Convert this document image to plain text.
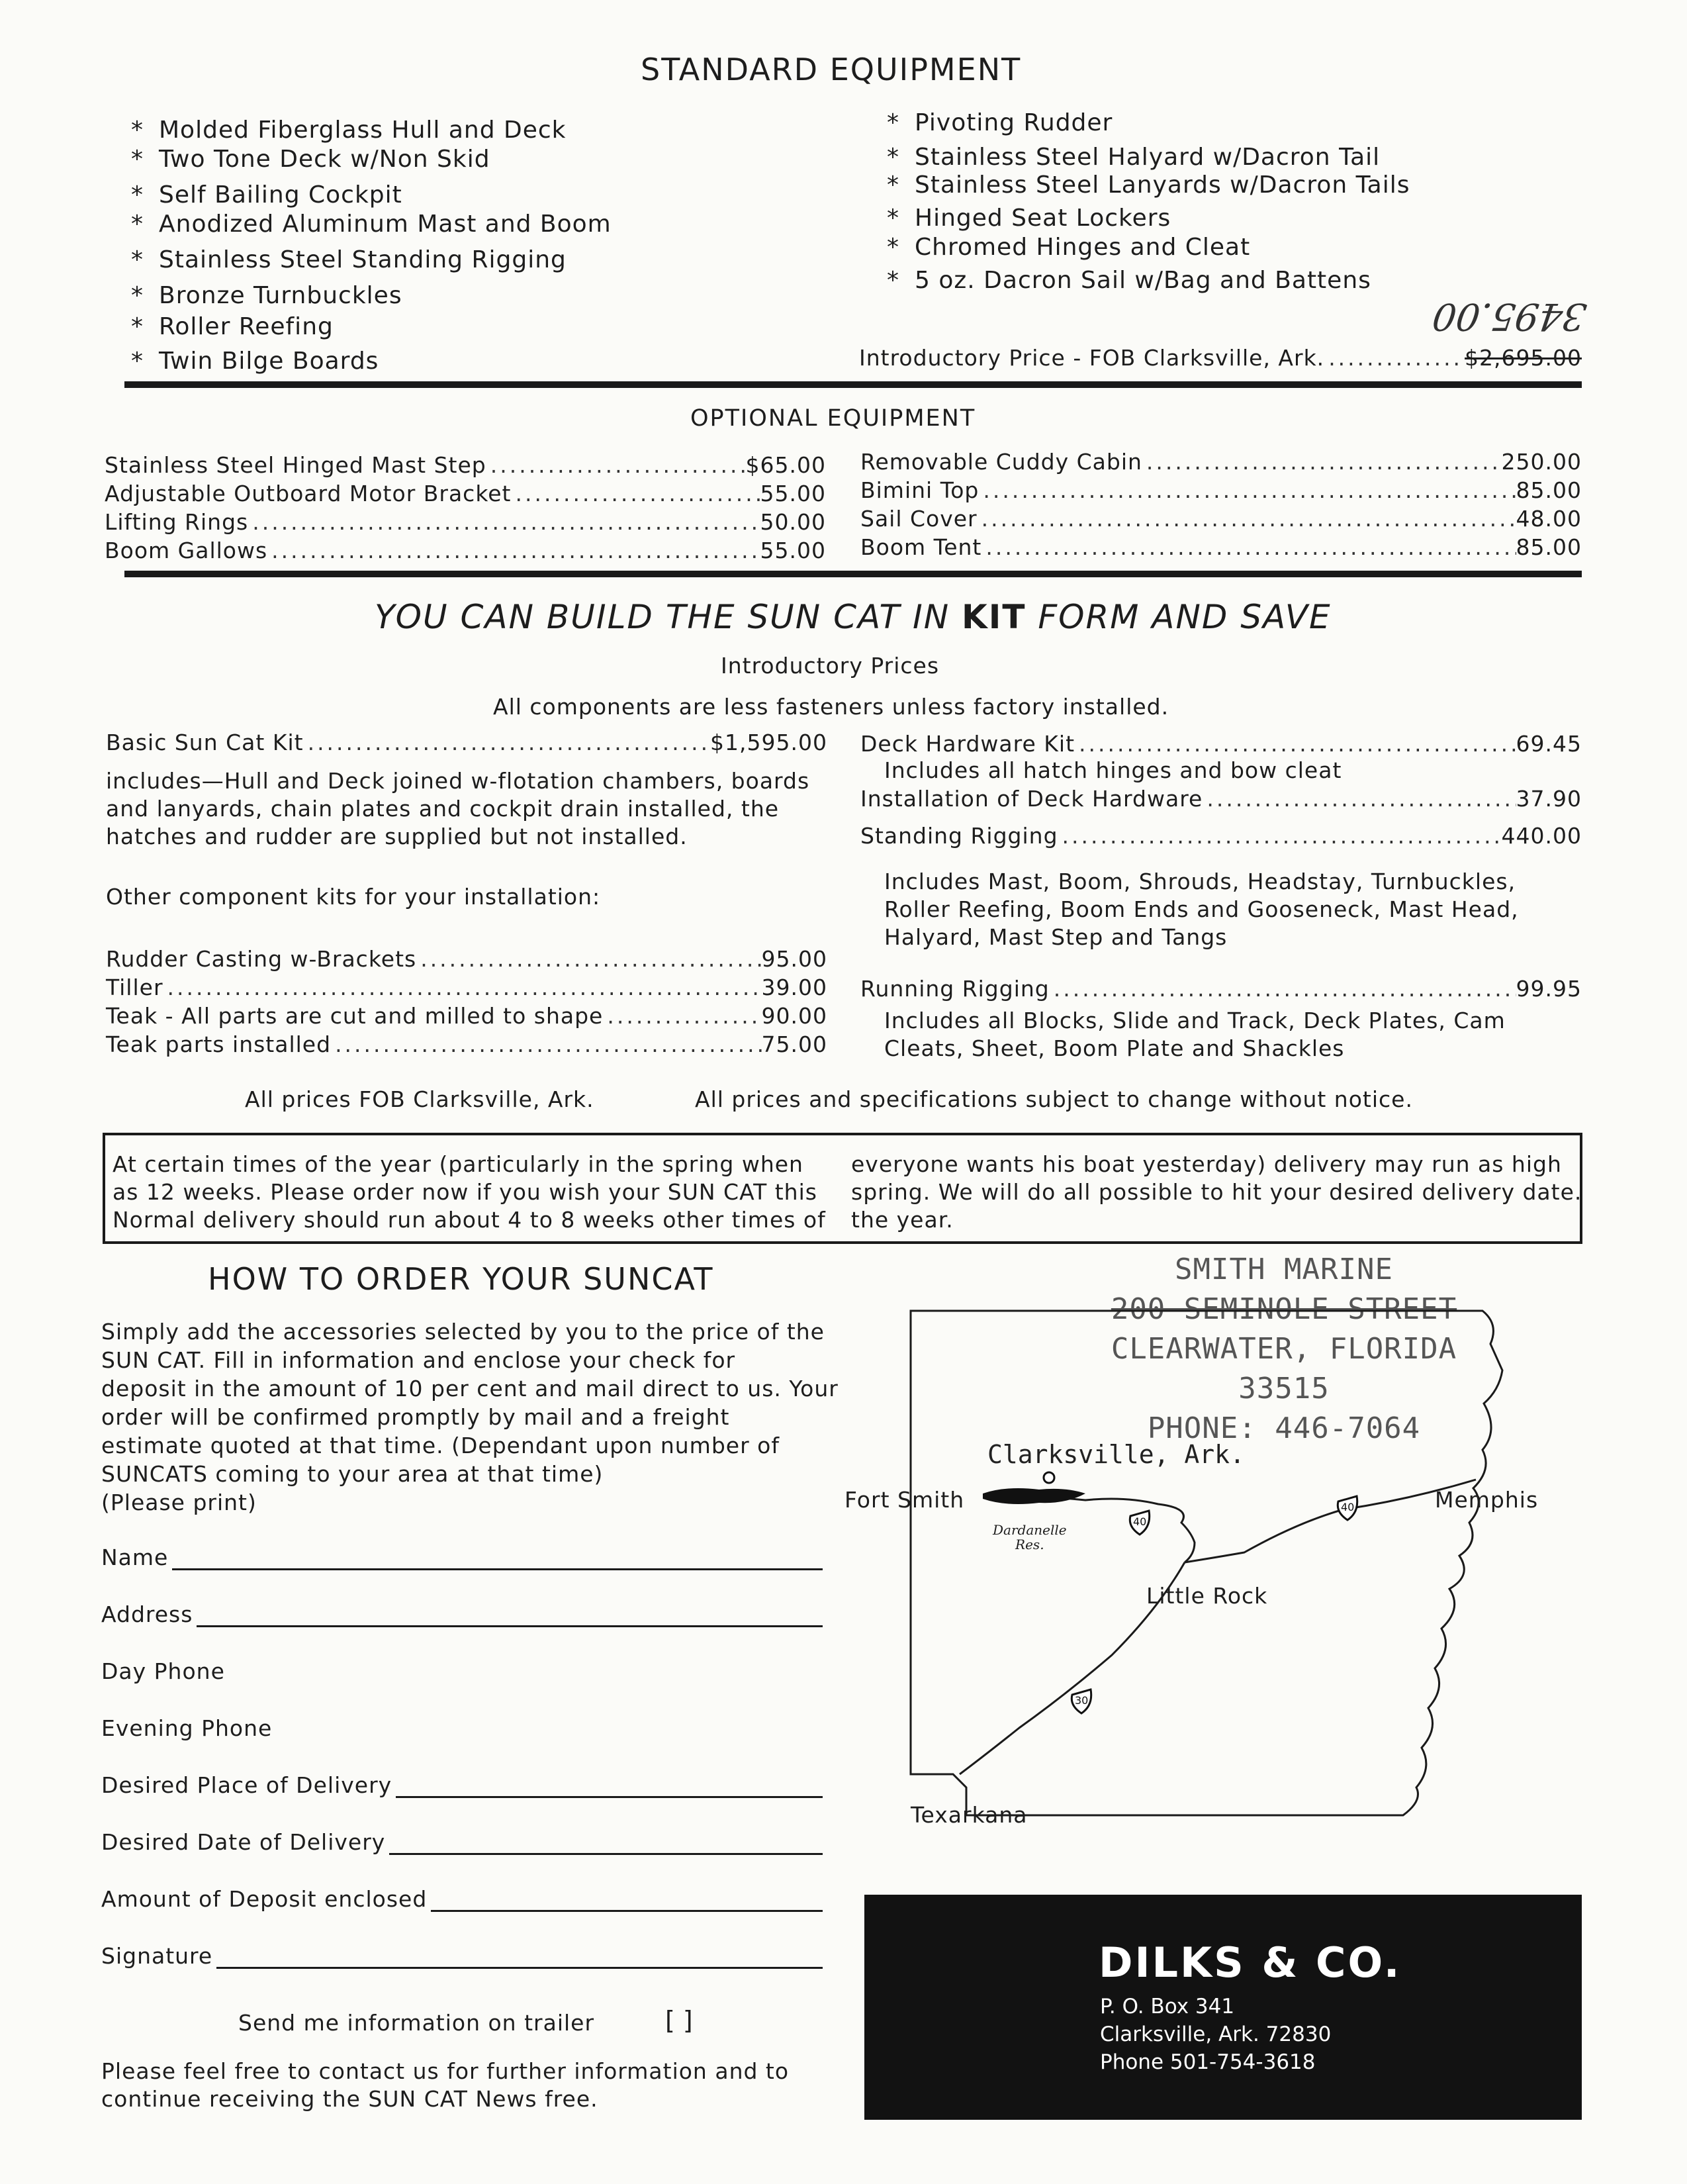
STANDARD EQUIPMENT
* Molded Fiberglass Hull and Deck
* Two Tone Deck w/Non Skid
* Self Bailing Cockpit
* Anodized Aluminum Mast and Boom
* Stainless Steel Standing Rigging
* Bronze Turnbuckles
* Roller Reefing
* Twin Bilge Boards
* Pivoting Rudder
* Stainless Steel Halyard w/Dacron Tail
* Stainless Steel Lanyards w/Dacron Tails
* Hinged Seat Lockers
* Chromed Hinges and Cleat
* 5 oz. Dacron Sail w/Bag and Battens
Introductory Price - FOB Clarksville, Ark. .....	$2,695.00
3495.00
OPTIONAL EQUIPMENT
Stainless Steel Hinged Mast Step .....	$65.00
Adjustable Outboard Motor Bracket .....	55.00
Lifting Rings .....	50.00
Boom Gallows .....	55.00
Removable Cuddy Cabin .....	250.00
Bimini Top .....	85.00
Sail Cover .....	48.00
Boom Tent .....	85.00
YOU CAN BUILD THE SUN CAT IN KIT FORM AND SAVE
Introductory Prices
All components are less fasteners unless factory installed.
Basic Sun Cat Kit .....	$1,595.00
includes—Hull and Deck joined w-flotation chambers, boards
and lanyards, chain plates and cockpit drain installed, the
hatches and rudder are supplied but not installed.
Other component kits for your installation:
Rudder Casting w-Brackets .....	95.00
Tiller .....	39.00
Teak - All parts are cut and milled to shape .....	90.00
Teak parts installed .....	75.00
Deck Hardware Kit .....	69.45
Includes all hatch hinges and bow cleat
Installation of Deck Hardware .....	37.90
Standing Rigging .....	440.00
Includes Mast, Boom, Shrouds, Headstay, Turnbuckles,
Roller Reefing, Boom Ends and Gooseneck, Mast Head,
Halyard, Mast Step and Tangs
Running Rigging .....	99.95
Includes all Blocks, Slide and Track, Deck Plates, Cam
Cleats, Sheet, Boom Plate and Shackles
All prices FOB Clarksville, Ark.	All prices and specifications subject to change without notice.
At certain times of the year (particularly in the spring when
as 12 weeks. Please order now if you wish your SUN CAT this
Normal delivery should run about 4 to 8 weeks other times of
everyone wants his boat yesterday) delivery may run as high
spring. We will do all possible to hit your desired delivery date.
the year.
HOW TO ORDER YOUR SUNCAT
Simply add the accessories selected by you to the price of the
SUN CAT. Fill in information and enclose your check for
deposit in the amount of 10 per cent and mail direct to us. Your
order will be confirmed promptly by mail and a freight
estimate quoted at that time. (Dependant upon number of
SUNCATS coming to your area at that time)
(Please print)
Name
Address
Day Phone
Evening Phone
Desired Place of Delivery
Desired Date of Delivery
Amount of Deposit enclosed
Signature
Send me information on trailer	[ ]
Please feel free to contact us for further information and to
continue receiving the SUN CAT News free.
SMITH MARINE
200 SEMINOLE STREET
CLEARWATER, FLORIDA 33515
PHONE: 446-7064
40
40
30
Clarksville, Ark.
Fort Smith	Memphis
Little Rock
Texarkana
Dardanelle
Res.
DILKS & CO.
P. O. Box 341
Clarksville, Ark. 72830
Phone 501-754-3618
